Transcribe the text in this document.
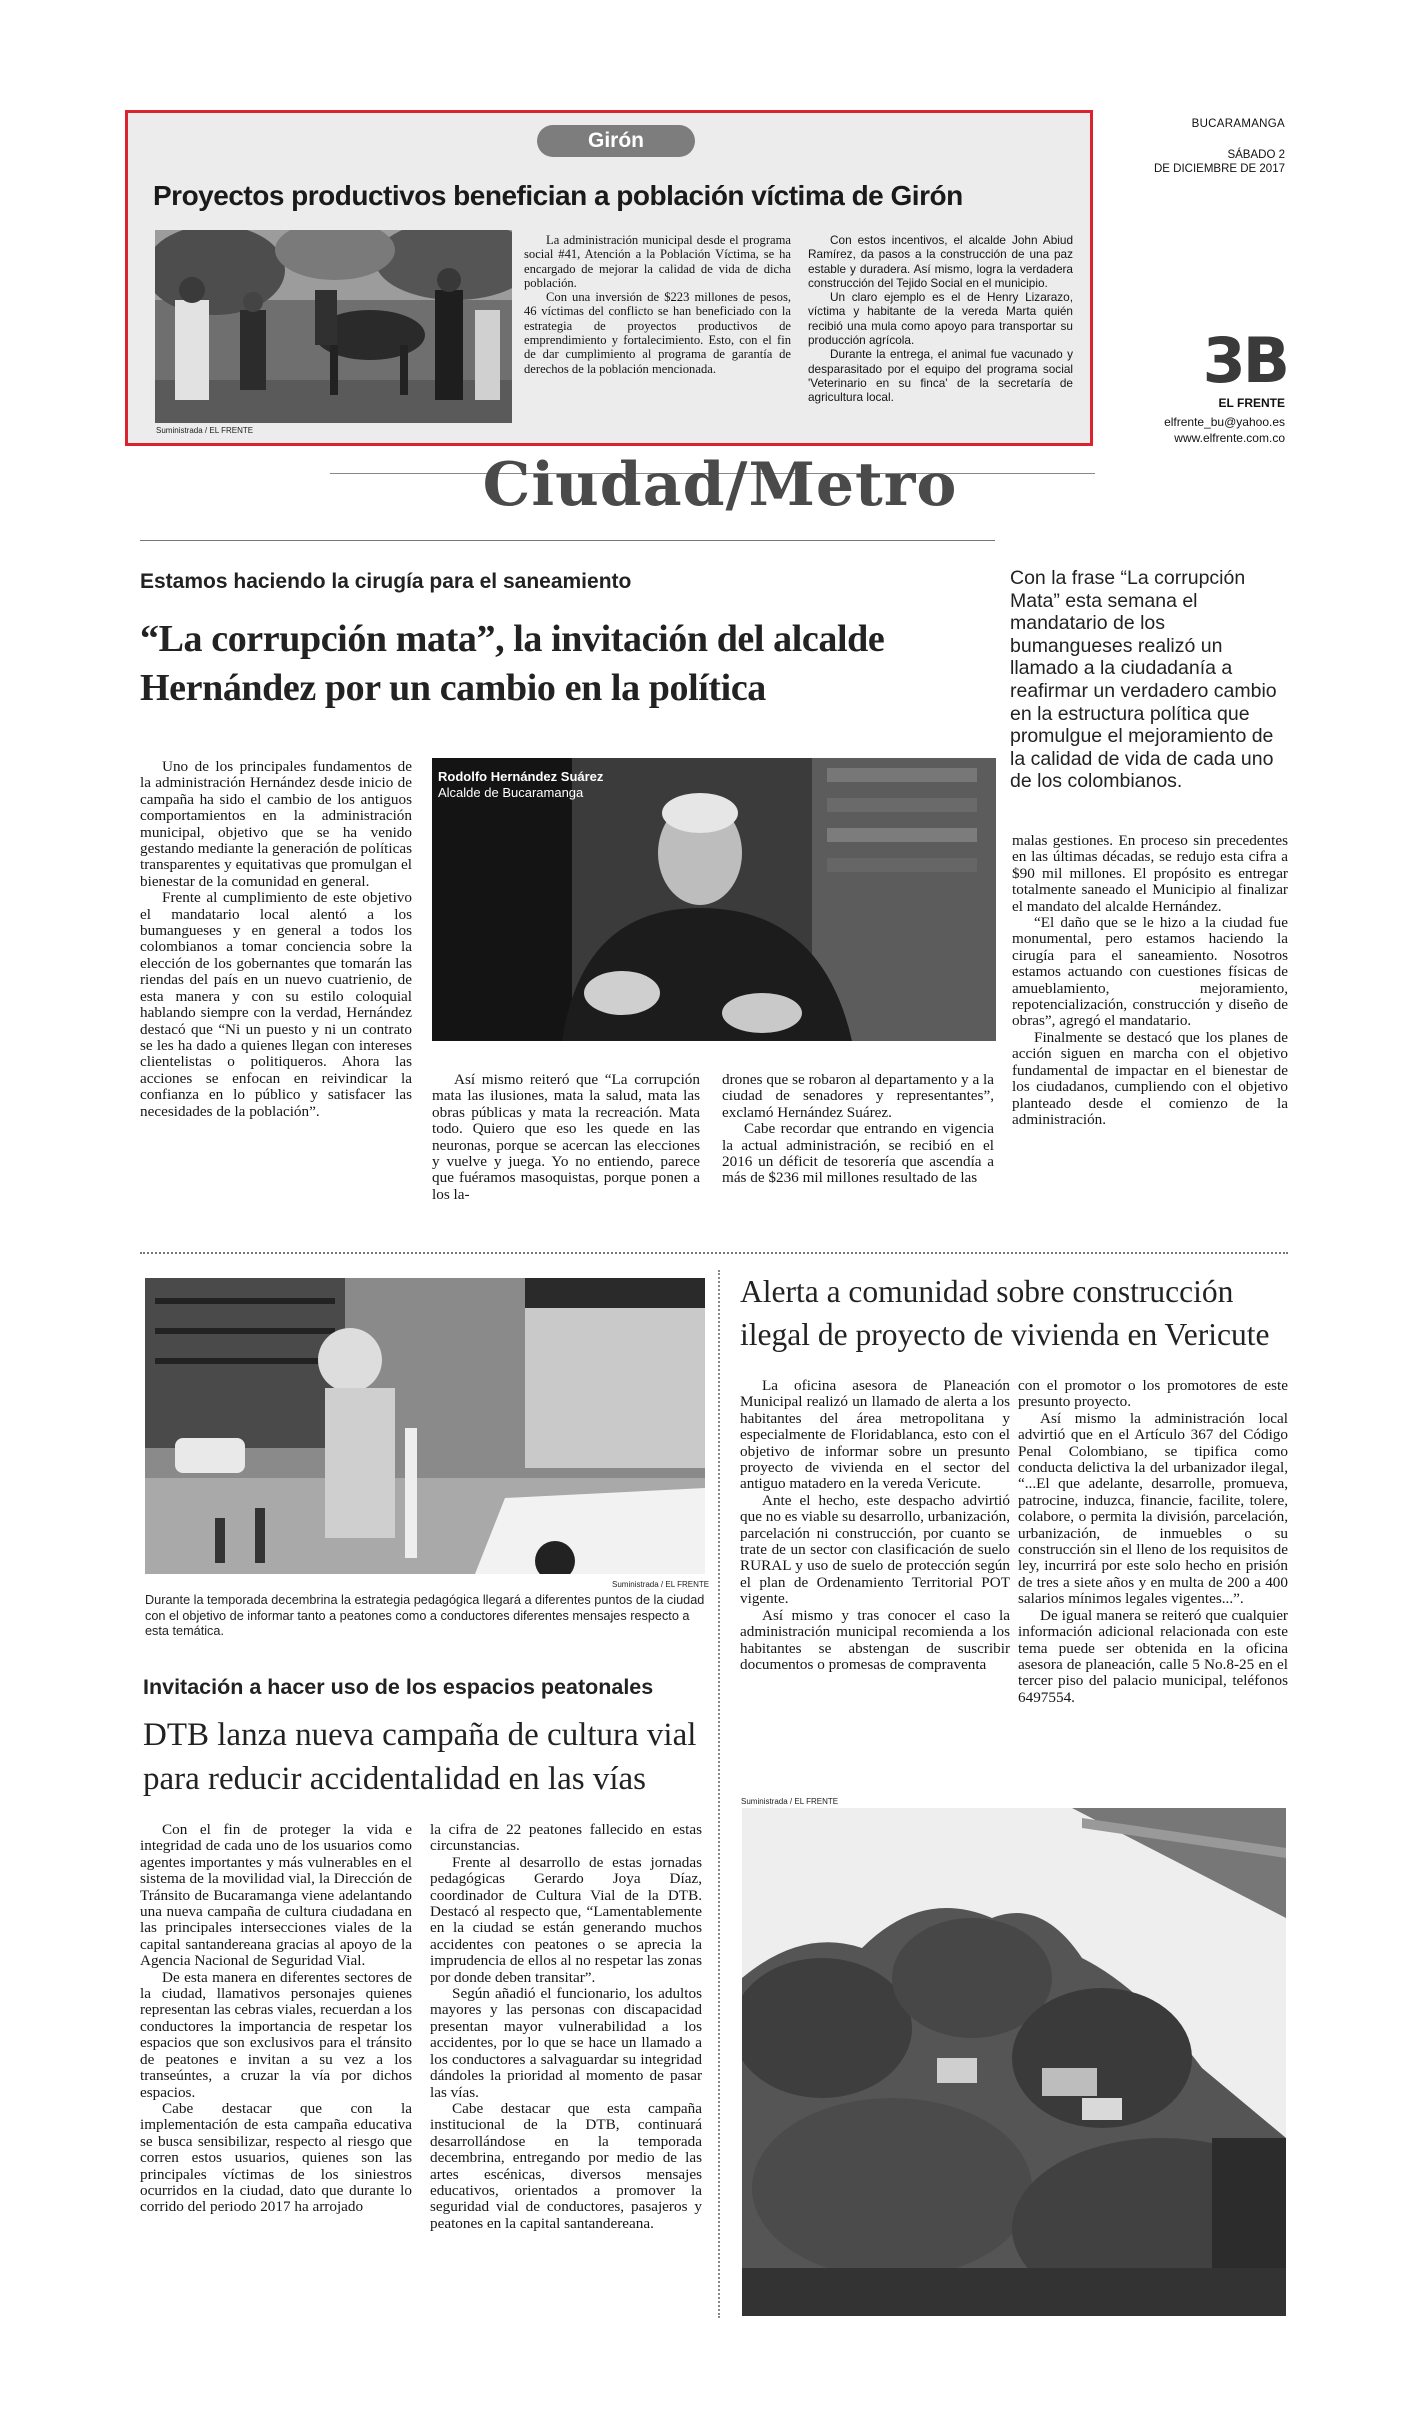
Girón
Proyectos productivos benefician a población víctima de Girón
Suministrada / EL FRENTE

La administración municipal desde el programa social #41, Atención a la Población Víctima, se ha encargado de mejorar la calidad de vida de dicha población.

Con una inversión de $223 millones de pesos, 46 víctimas del conflicto se han beneficiado con la estrategia de proyectos productivos de emprendimiento y fortalecimiento. Esto, con el fin de dar cumplimiento al programa de garantía de derechos de la población mencionada.

Con estos incentivos, el alcalde John Abiud Ramírez, da pasos a la construcción de una paz estable y duradera. Así mismo, logra la verdadera construcción del Tejido Social en el municipio.

Un claro ejemplo es el de Henry Lizarazo, víctima y habitante de la vereda Marta quién recibió una mula como apoyo para transportar su producción agrícola.

Durante la entrega, el animal fue vacunado y desparasitado por el equipo del programa social 'Veterinario en su finca' de la secretaría de agricultura local.

BUCARAMANGA
SÁBADO 2
DE DICIEMBRE DE 2017
3B
EL FRENTE
elfrente_bu@yahoo.es
www.elfrente.com.co
Ciudad/Metro
Estamos haciendo la cirugía para el saneamiento
“La corrupción mata”, la invitación del alcalde Hernández por un cambio en la política
Con la frase “La corrupción Mata” esta semana el mandatario de los bumangueses realizó un llamado a la ciudadanía a reafirmar un verdadero cambio en la estructura política que promulgue el mejoramiento de la calidad de vida de cada uno de los colombianos.
Rodolfo Hernández Suárez
Alcalde de Bucaramanga

Uno de los principales fundamentos de la administración Hernández desde inicio de campaña ha sido el cambio de los antiguos comportamientos en la administración municipal, objetivo que se ha venido gestando mediante la generación de políticas transparentes y equitativas que promulgan el bienestar de la comunidad en general.

Frente al cumplimiento de este objetivo el mandatario local alentó a los bumangueses y en general a todos los colombianos a tomar conciencia sobre la elección de los gobernantes que tomarán las riendas del país en un nuevo cuatrienio, de esta manera y con su estilo coloquial hablando siempre con la verdad, Hernández destacó que “Ni un puesto y ni un contrato se les ha dado a quienes llegan con intereses clientelistas o politiqueros. Ahora las acciones se enfocan en reivindicar la confianza en lo público y satisfacer las necesidades de la población”.

Así mismo reiteró que “La corrupción mata las ilusiones, mata la salud, mata las obras públicas y mata la recreación. Mata todo. Quiero que eso les quede en las neuronas, porque se acercan las elecciones y vuelve y juega. Yo no entiendo, parece que fuéramos masoquistas, porque ponen a los la-

drones que se robaron al departamento y a la ciudad de senadores y representantes”, exclamó Hernández Suárez.

Cabe recordar que entrando en vigencia la actual administración, se recibió en el 2016 un déficit de tesorería que ascendía a más de $236 mil millones resultado de las

malas gestiones. En proceso sin precedentes en las últimas décadas, se redujo esta cifra a $90 mil millones. El propósito es entregar totalmente saneado el Municipio al finalizar el mandato del alcalde Hernández.

“El daño que se le hizo a la ciudad fue monumental, pero estamos haciendo la cirugía para el saneamiento. Nosotros estamos actuando con cuestiones físicas de amueblamiento, mejoramiento, repotencialización, construcción y diseño de obras”, agregó el mandatario.

Finalmente se destacó que los planes de acción siguen en marcha con el objetivo fundamental de impactar en el bienestar de los ciudadanos, cumpliendo con el objetivo planteado desde el comienzo de la administración.

Suministrada / EL FRENTE
Durante la temporada decembrina la estrategia pedagógica llegará a diferentes puntos de la ciudad con el objetivo de informar tanto a peatones como a conductores diferentes mensajes respecto a esta temática.
Invitación a hacer uso de los espacios peatonales
DTB lanza nueva campaña de cultura vial para reducir accidentalidad en las vías

Con el fin de proteger la vida e integridad de cada uno de los usuarios como agentes importantes y más vulnerables en el sistema de la movilidad vial, la Dirección de Tránsito de Bucaramanga viene adelantando una nueva campaña de cultura ciudadana en las principales intersecciones viales de la capital santandereana gracias al apoyo de la Agencia Nacional de Seguridad Vial.

De esta manera en diferentes sectores de la ciudad, llamativos personajes quienes representan las cebras viales, recuerdan a los conductores la importancia de respetar los espacios que son exclusivos para el tránsito de peatones e invitan a su vez a los transeúntes, a cruzar la vía por dichos espacios.

Cabe destacar que con la implementación de esta campaña educativa se busca sensibilizar, respecto al riesgo que corren estos usuarios, quienes son las principales víctimas de los siniestros ocurridos en la ciudad, dato que durante lo corrido del periodo 2017 ha arrojado

la cifra de 22 peatones fallecido en estas circunstancias.

Frente al desarrollo de estas jornadas pedagógicas Gerardo Joya Díaz, coordinador de Cultura Vial de la DTB. Destacó al respecto que, “Lamentablemente en la ciudad se están generando muchos accidentes con peatones o se aprecia la imprudencia de ellos al no respetar las zonas por donde deben transitar”.

Según añadió el funcionario, los adultos mayores y las personas con discapacidad presentan mayor vulnerabilidad a los accidentes, por lo que se hace un llamado a los conductores a salvaguardar su integridad dándoles la prioridad al momento de pasar las vías.

Cabe destacar que esta campaña institucional de la DTB, continuará desarrollándose en la temporada decembrina, entregando por medio de las artes escénicas, diversos mensajes educativos, orientados a promover la seguridad vial de conductores, pasajeros y peatones en la capital santandereana.

Alerta a comunidad sobre construcción ilegal de proyecto de vivienda en Vericute

La oficina asesora de Planeación Municipal realizó un llamado de alerta a los habitantes del área metropolitana y especialmente de Floridablanca, esto con el objetivo de informar sobre un presunto proyecto de vivienda en el sector del antiguo matadero en la vereda Vericute.

Ante el hecho, este despacho advirtió que no es viable su desarrollo, urbanización, parcelación ni construcción, por cuanto se trate de un sector con clasificación de suelo RURAL y uso de suelo de protección según el plan de Ordenamiento Territorial POT vigente.

Así mismo y tras conocer el caso la administración municipal recomienda a los habitantes se abstengan de suscribir documentos o promesas de compraventa

con el promotor o los promotores de este presunto proyecto.

Así mismo la administración local advirtió que en el Artículo 367 del Código Penal Colombiano, se tipifica como conducta delictiva la del urbanizador ilegal, “...El que adelante, desarrolle, promueva, patrocine, induzca, financie, facilite, tolere, colabore, o permita la división, parcelación, urbanización, de inmuebles o su construcción sin el lleno de los requisitos de ley, incurrirá por este solo hecho en prisión de tres a siete años y en multa de 200 a 400 salarios mínimos legales vigentes...”.

De igual manera se reiteró que cualquier información adicional relacionada con este tema puede ser obtenida en la oficina asesora de planeación, calle 5 No.8-25 en el tercer piso del palacio municipal, teléfonos 6497554.

Suministrada / EL FRENTE
